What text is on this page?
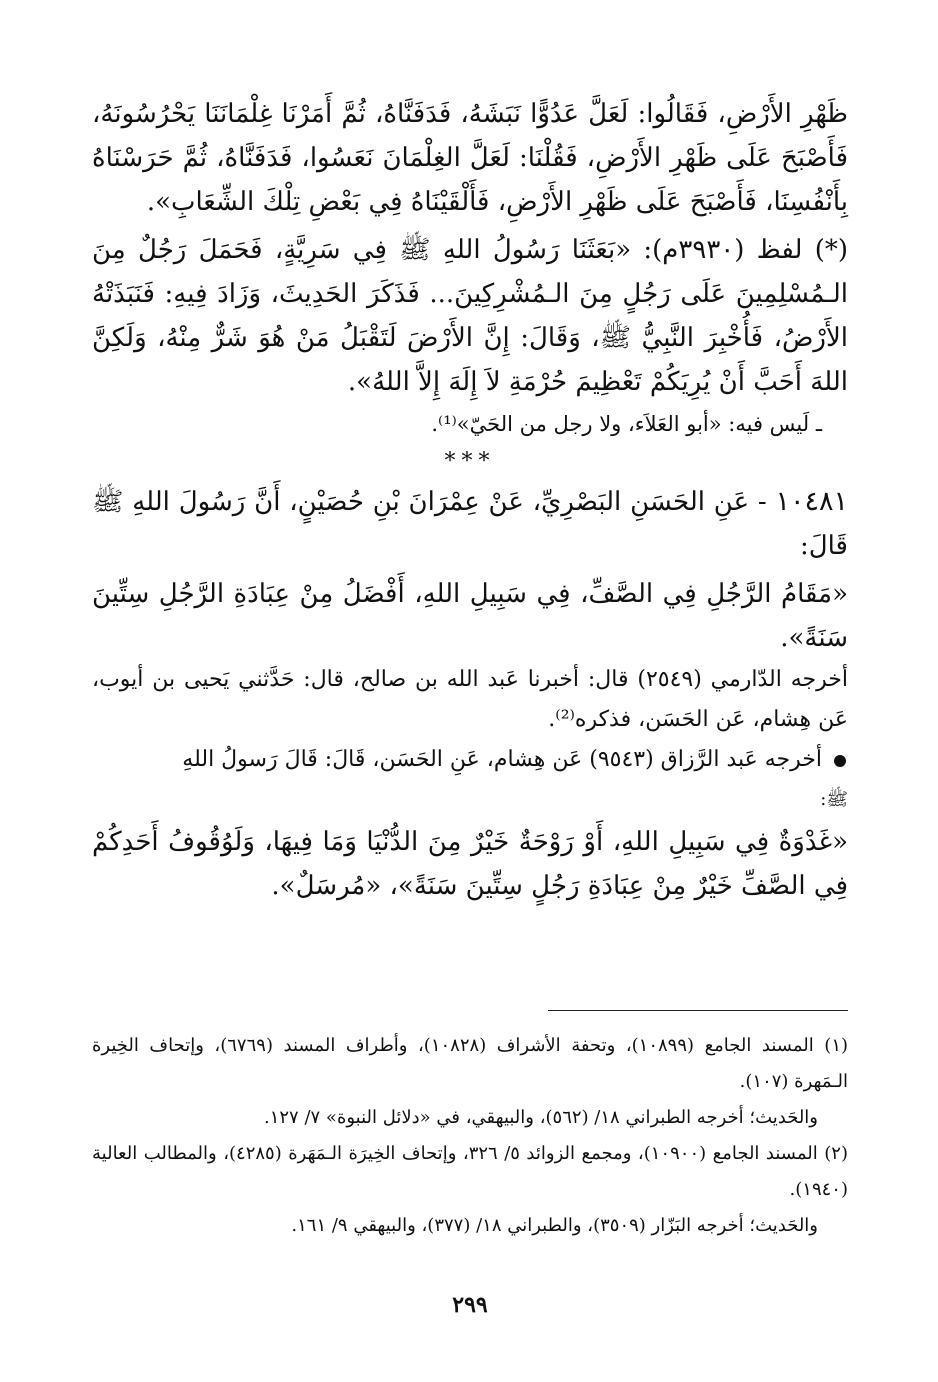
ظَهْرِ الأَرْضِ، فَقَالُوا: لَعَلَّ عَدُوًّا نَبَشَهُ، فَدَفَنَّاهُ، ثُمَّ أَمَرْنَا غِلْمَانَنَا يَحْرُسُونَهُ، فَأَصْبَحَ عَلَى ظَهْرِ الأَرْضِ، فَقُلْنَا: لَعَلَّ الغِلْمَانَ نَعَسُوا، فَدَفَنَّاهُ، ثُمَّ حَرَسْنَاهُ بِأَنْفُسِنَا، فَأَصْبَحَ عَلَى ظَهْرِ الأَرْضِ، فَأَلْقَيْنَاهُ فِي بَعْضِ تِلْكَ الشِّعَابِ».

(*) لفظ (٣٩٣٠م): «بَعَثَنَا رَسُولُ اللهِ ﷺ فِي سَرِيَّةٍ، فَحَمَلَ رَجُلٌ مِنَ الـمُسْلِمِينَ عَلَى رَجُلٍ مِنَ الـمُشْرِكِينَ... فَذَكَرَ الحَدِيثَ، وَزَادَ فِيهِ: فَنَبَذَتْهُ الأَرْضُ، فَأُخْبِرَ النَّبِيُّ ﷺ، وَقَالَ: إِنَّ الأَرْضَ لَتَقْبَلُ مَنْ هُوَ شَرٌّ مِنْهُ، وَلَكِنَّ اللهَ أَحَبَّ أَنْ يُرِيَكُمْ تَعْظِيمَ حُرْمَةِ لاَ إِلَهَ إِلاَّ اللهُ».

ـ لَيس فيه: «أبو العَلاَء، ولا رجل من الحَيّ»⁽¹⁾.

***

١٠٤٨١ - عَنِ الحَسَنِ البَصْرِيِّ، عَنْ عِمْرَانَ بْنِ حُصَيْنٍ، أَنَّ رَسُولَ اللهِ ﷺ قَالَ:

«مَقَامُ الرَّجُلِ فِي الصَّفِّ، فِي سَبِيلِ اللهِ، أَفْضَلُ مِنْ عِبَادَةِ الرَّجُلِ سِتِّينَ سَنَةً».

أخرجه الدّارمي (٢٥٤٩) قال: أخبرنا عَبد الله بن صالح، قال: حَدَّثني يَحيى بن أيوب، عَن هِشام، عَن الحَسَن، فذكره⁽²⁾.

أخرجه عَبد الرَّزاق (٩٥٤٣) عَن هِشام، عَنِ الحَسَن، قَالَ: قَالَ رَسولُ اللهِ

ﷺ:

«غَدْوَةٌ فِي سَبِيلِ اللهِ، أَوْ رَوْحَةٌ خَيْرٌ مِنَ الدُّنْيَا وَمَا فِيهَا، وَلَوُقُوفُ أَحَدِكُمْ فِي الصَّفِّ خَيْرٌ مِنْ عِبَادَةِ رَجُلٍ سِتِّينَ سَنَةً»، «مُرسَلٌ».

(١) المسند الجامع (١٠٨٩٩)، وتحفة الأشراف (١٠٨٢٨)، وأطراف المسند (٦٧٦٩)، وإتحاف الخِيرة الـمَهرة (١٠٧).

والحَديث؛ أخرجه الطبراني ١٨/ (٥٦٢)، والبيهقي، في «دلائل النبوة» ٧/ ١٢٧.

(٢) المسند الجامع (١٠٩٠٠)، ومجمع الزوائد ٥/ ٣٢٦، وإتحاف الخِيرَة الـمَهَرة (٤٢٨٥)، والمطالب العالية (١٩٤٠).

والحَديث؛ أخرجه البَزّار (٣٥٠٩)، والطبراني ١٨/ (٣٧٧)، والبيهقي ٩/ ١٦١.

٢٩٩
